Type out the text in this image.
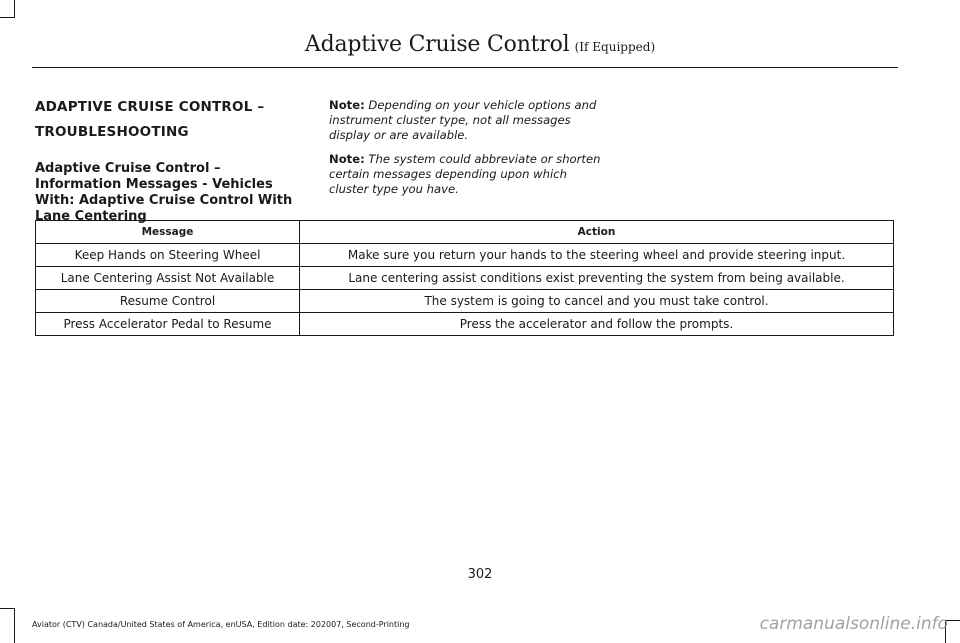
Adaptive Cruise Control (If Equipped)
ADAPTIVE CRUISE CONTROL –
TROUBLESHOOTING
Adaptive Cruise Control – Information Messages - Vehicles With: Adaptive Cruise Control With Lane Centering

Note: Depending on your vehicle options and instrument cluster type, not all messages display or are available.

Note: The system could abbreviate or shorten certain messages depending upon which cluster type you have.

Message	Action
Keep Hands on Steering Wheel	Make sure you return your hands to the steering wheel and provide steering input.
Lane Centering Assist Not Available	Lane centering assist conditions exist preventing the system from being available.
Resume Control	The system is going to cancel and you must take control.
Press Accelerator Pedal to Resume	Press the accelerator and follow the prompts.
302
Aviator (CTV) Canada/United States of America, enUSA, Edition date: 202007, Second-Printing	carmanualsonline.info
